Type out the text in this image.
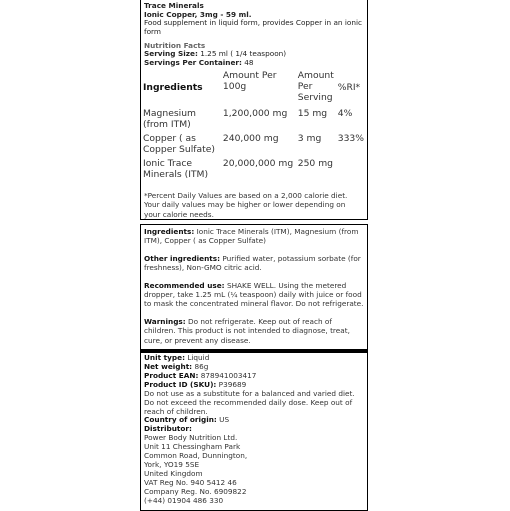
Trace Minerals
Ionic Copper, 3mg - 59 ml.
Food supplement in liquid form, provides Copper in an ionic form
Nutrition Facts
Serving Size: 1.25 ml ( 1/4 teaspoon)
Servings Per Container: 48
Ingredients	Amount Per 100g	Amount Per Serving	%RI*
Magnesium (from ITM)	1,200,000 mg	15 mg	4%
Copper ( as Copper Sulfate)	240,000 mg	3 mg	333%
Ionic Trace Minerals (ITM)	20,000,000 mg	250 mg	
*Percent Daily Values are based on a 2,000 calorie diet. Your daily values may be higher or lower depending on your calorie needs.
Ingredients: Ionic Trace Minerals (ITM), Magnesium (from ITM), Copper ( as Copper Sulfate)
Other ingredients: Purified water, potassium sorbate (for freshness), Non-GMO citric acid.
Recommended use: SHAKE WELL. Using the metered dropper, take 1.25 mL (¼ teaspoon) daily with juice or food to mask the concentrated mineral flavor. Do not refrigerate.
Warnings: Do not refrigerate. Keep out of reach of children. This product is not intended to diagnose, treat, cure, or prevent any disease.
Unit type: Liquid
Net weight: 86g
Product EAN: 878941003417
Product ID (SKU): P39689
Do not use as a substitute for a balanced and varied diet. Do not exceed the recommended daily dose. Keep out of reach of children.
Country of origin: US
Distributor:
Power Body Nutrition Ltd.
Unit 11 Chessingham Park
Common Road, Dunnington,
York, YO19 5SE
United Kingdom
VAT Reg No. 940 5412 46
Company Reg. No. 6909822
(+44) 01904 486 330
